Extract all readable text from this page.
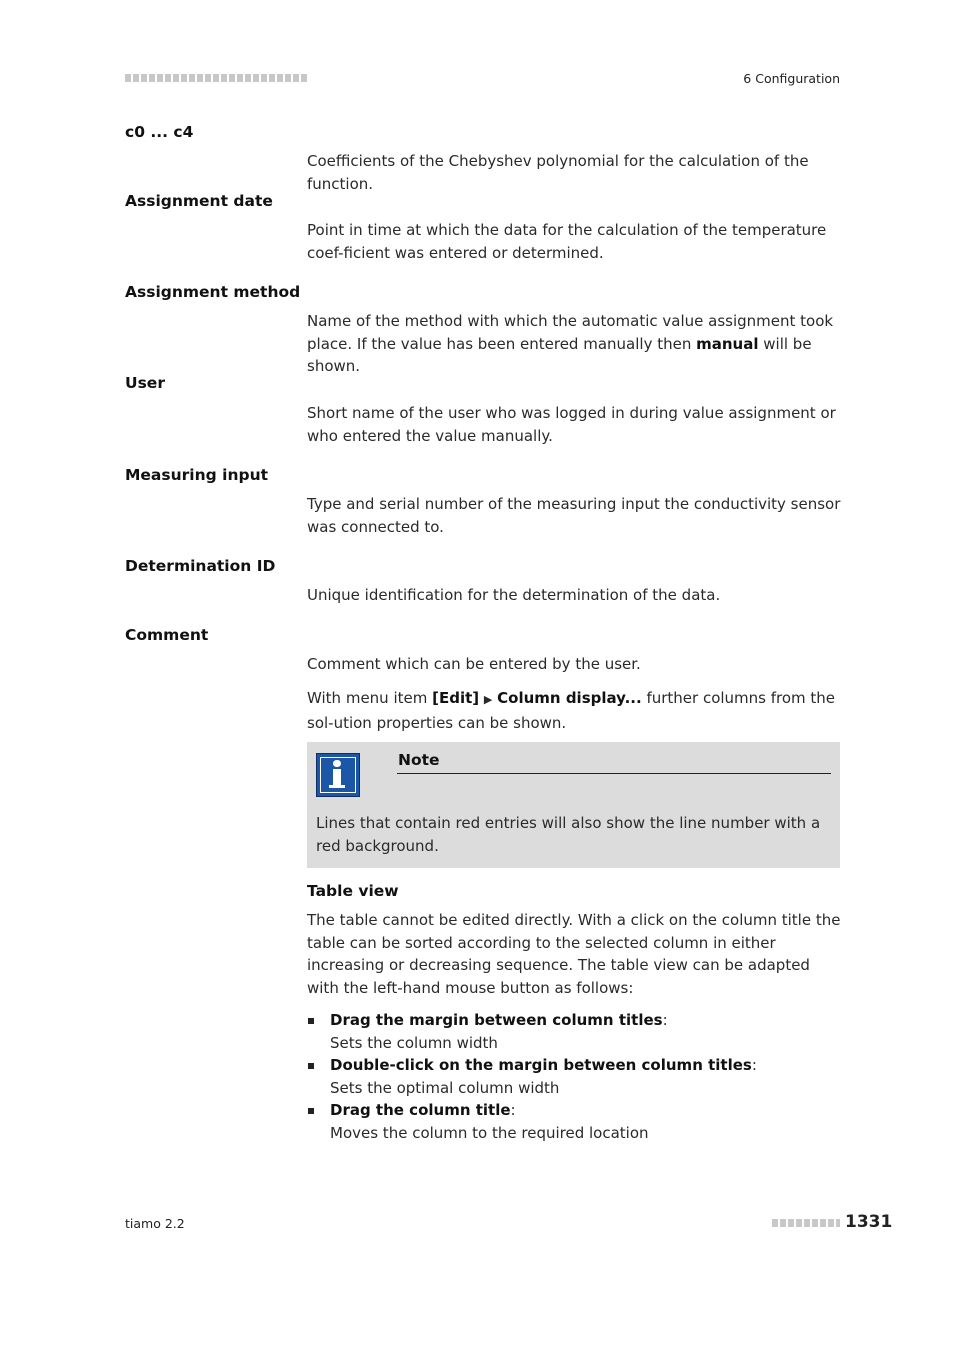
6 Configuration
c0 ... c4

Coefficients of the Chebyshev polynomial for the calculation of the function.

Assignment date

Point in time at which the data for the calculation of the temperature coef-ficient was entered or determined.

Assignment method

Name of the method with which the automatic value assignment took place. If the value has been entered manually then manual will be shown.

User

Short name of the user who was logged in during value assignment or who entered the value manually.

Measuring input

Type and serial number of the measuring input the conductivity sensor was connected to.

Determination ID

Unique identification for the determination of the data.

Comment

Comment which can be entered by the user.

With menu item [Edit] ▶ Column display... further columns from the sol-ution properties can be shown.

Note

Lines that contain red entries will also show the line number with a red background.

Table view

The table cannot be edited directly. With a click on the column title the table can be sorted according to the selected column in either increasing or decreasing sequence. The table view can be adapted with the left-hand mouse button as follows:

Drag the margin between column titles:
Sets the column width
Double-click on the margin between column titles:
Sets the optimal column width
Drag the column title:
Moves the column to the required location
tiamo 2.2	1331
